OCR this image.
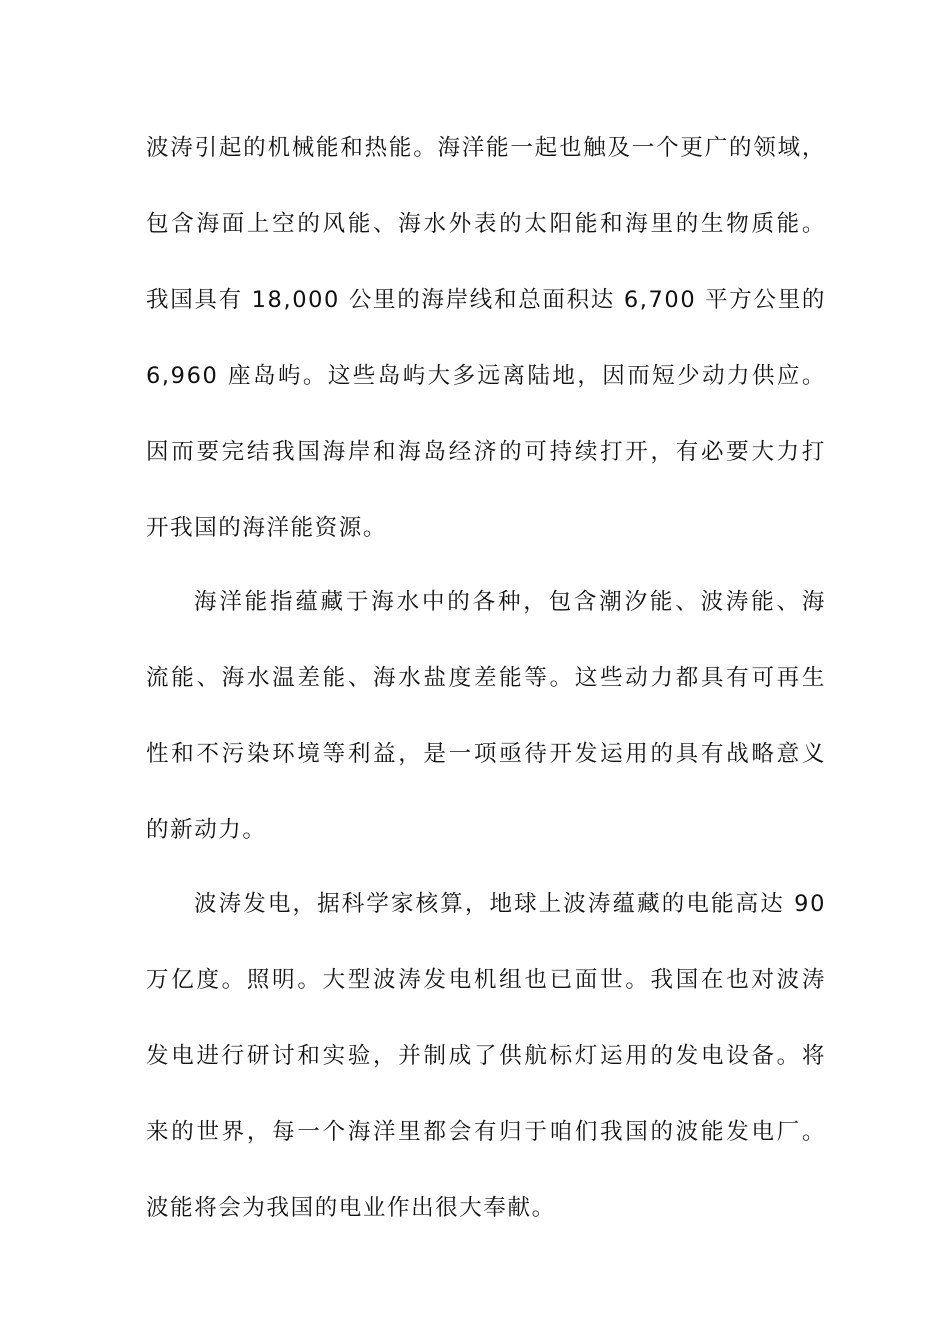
波涛引起的机械能和热能。海洋能一起也触及一个更广的领域，
包含海面上空的风能、海水外表的太阳能和海里的生物质能。
我国具有 18,000 公里的海岸线和总面积达 6,700 平方公里的
6,960 座岛屿。这些岛屿大多远离陆地，因而短少动力供应。
因而要完结我国海岸和海岛经济的可持续打开，有必要大力打
开我国的海洋能资源。
海洋能指蕴藏于海水中的各种，包含潮汐能、波涛能、海
流能、海水温差能、海水盐度差能等。这些动力都具有可再生
性和不污染环境等利益，是一项亟待开发运用的具有战略意义
的新动力。
波涛发电，据科学家核算，地球上波涛蕴藏的电能高达 90
万亿度。照明。大型波涛发电机组也已面世。我国在也对波涛
发电进行研讨和实验，并制成了供航标灯运用的发电设备。将
来的世界，每一个海洋里都会有归于咱们我国的波能发电厂。
波能将会为我国的电业作出很大奉献。
